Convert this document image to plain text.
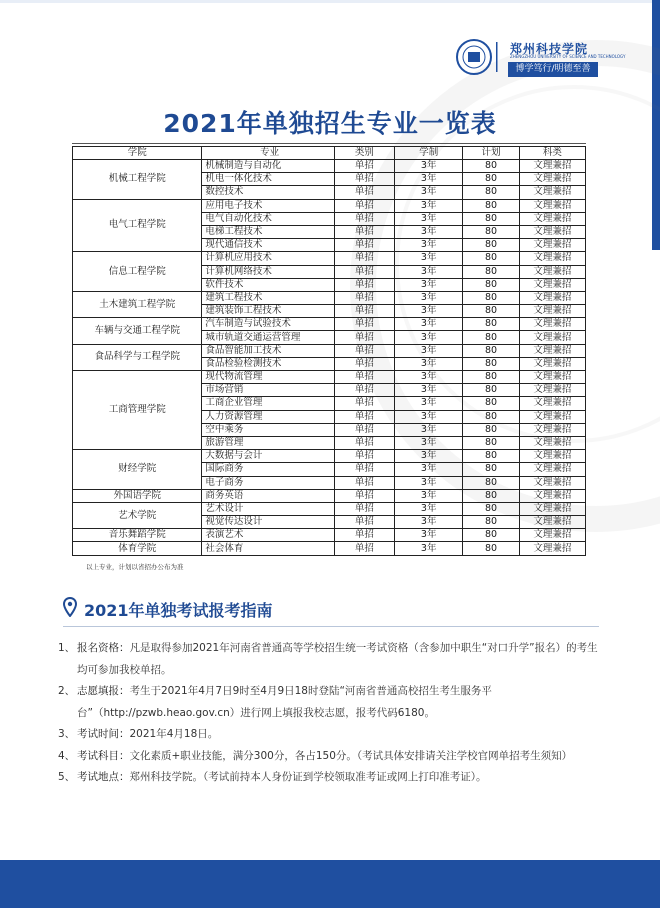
郑州科技学院
ZHENGZHOU UNIVERSITY OF SCIENCE AND TECHNOLOGY
博学笃行/明德至善
2021年单独招生专业一览表
学院	专业	类别	学制	计划	科类
机械工程学院	机械制造与自动化	单招	3年	80	文理兼招
	机电一体化技术	单招	3年	80	文理兼招
	数控技术	单招	3年	80	文理兼招
电气工程学院	应用电子技术	单招	3年	80	文理兼招
	电气自动化技术	单招	3年	80	文理兼招
	电梯工程技术	单招	3年	80	文理兼招
	现代通信技术	单招	3年	80	文理兼招
信息工程学院	计算机应用技术	单招	3年	80	文理兼招
	计算机网络技术	单招	3年	80	文理兼招
	软件技术	单招	3年	80	文理兼招
土木建筑工程学院	建筑工程技术	单招	3年	80	文理兼招
	建筑装饰工程技术	单招	3年	80	文理兼招
车辆与交通工程学院	汽车制造与试验技术	单招	3年	80	文理兼招
	城市轨道交通运营管理	单招	3年	80	文理兼招
食品科学与工程学院	食品智能加工技术	单招	3年	80	文理兼招
	食品检验检测技术	单招	3年	80	文理兼招
工商管理学院	现代物流管理	单招	3年	80	文理兼招
	市场营销	单招	3年	80	文理兼招
	工商企业管理	单招	3年	80	文理兼招
	人力资源管理	单招	3年	80	文理兼招
	空中乘务	单招	3年	80	文理兼招
	旅游管理	单招	3年	80	文理兼招
财经学院	大数据与会计	单招	3年	80	文理兼招
	国际商务	单招	3年	80	文理兼招
	电子商务	单招	3年	80	文理兼招
外国语学院	商务英语	单招	3年	80	文理兼招
艺术学院	艺术设计	单招	3年	80	文理兼招
	视觉传达设计	单招	3年	80	文理兼招
音乐舞蹈学院	表演艺术	单招	3年	80	文理兼招
体育学院	社会体育	单招	3年	80	文理兼招
以上专业，计划以省招办公布为准
2021年单独考试报考指南
1、 报名资格：凡是取得参加2021年河南省普通高等学校招生统一考试资格（含参加中职生“对口升学”报名）的考生均可参加我校单招。
2、 志愿填报：考生于2021年4月7日9时至4月9日18时登陆“河南省普通高校招生考生服务平台”（http://pzwb.heao.gov.cn）进行网上填报我校志愿，报考代码6180。
3、 考试时间：2021年4月18日。
4、 考试科目：文化素质+职业技能，满分300分，各占150分。（考试具体安排请关注学校官网单招考生须知）
5、 考试地点：郑州科技学院。（考试前持本人身份证到学校领取准考证或网上打印准考证）。
